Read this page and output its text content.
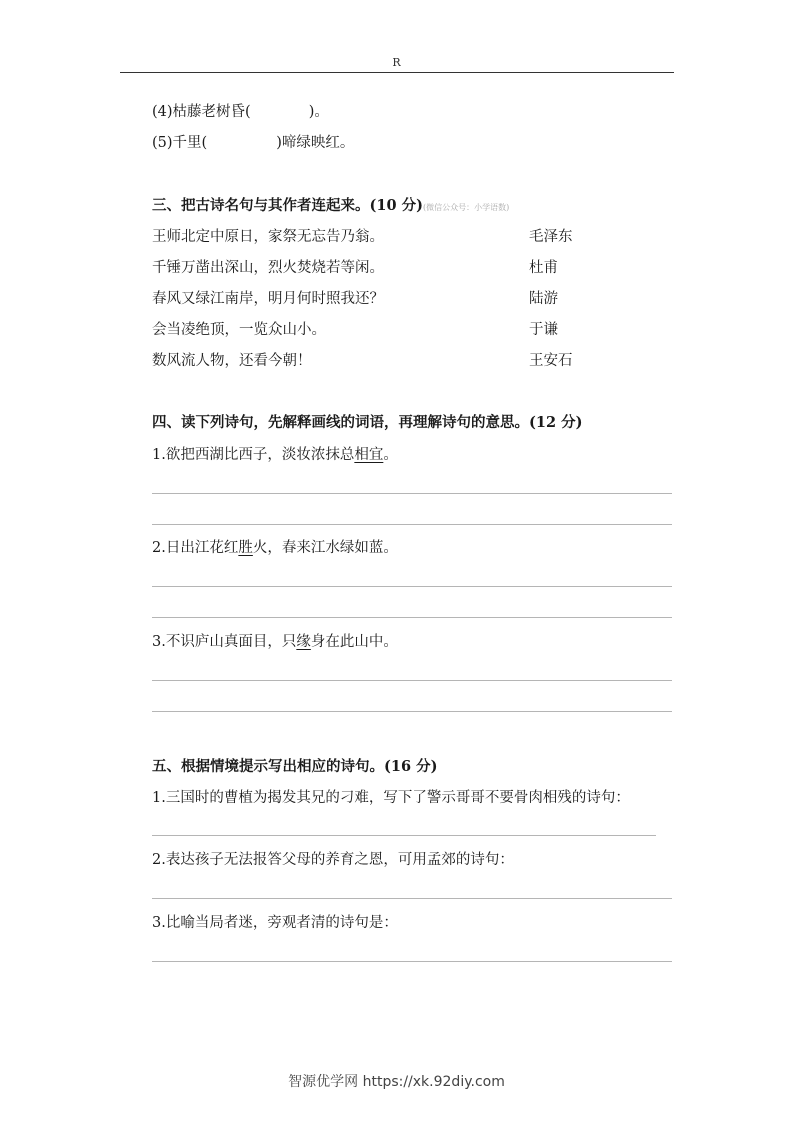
R
(4)枯藤老树昏(	)。
(5)千里(	)啼绿映红。
三、把古诗名句与其作者连起来。(10 分)(微信公众号：小学语数)
王师北定中原日，家祭无忘告乃翁。
千锤万凿出深山，烈火焚烧若等闲。
春风又绿江南岸，明月何时照我还？
会当凌绝顶，一览众山小。
数风流人物，还看今朝！
毛泽东
杜甫
陆游
于谦
王安石
四、读下列诗句，先解释画线的词语，再理解诗句的意思。(12 分)
1.欲把西湖比西子，淡妆浓抹总相宜。
2.日出江花红胜火，春来江水绿如蓝。
3.不识庐山真面目，只缘身在此山中。
五、根据情境提示写出相应的诗句。(16 分)
1.三国时的曹植为揭发其兄的刁难，写下了警示哥哥不要骨肉相残的诗句：
2.表达孩子无法报答父母的养育之恩，可用孟郊的诗句：
3.比喻当局者迷，旁观者清的诗句是：
智源优学网 https://xk.92diy.com
